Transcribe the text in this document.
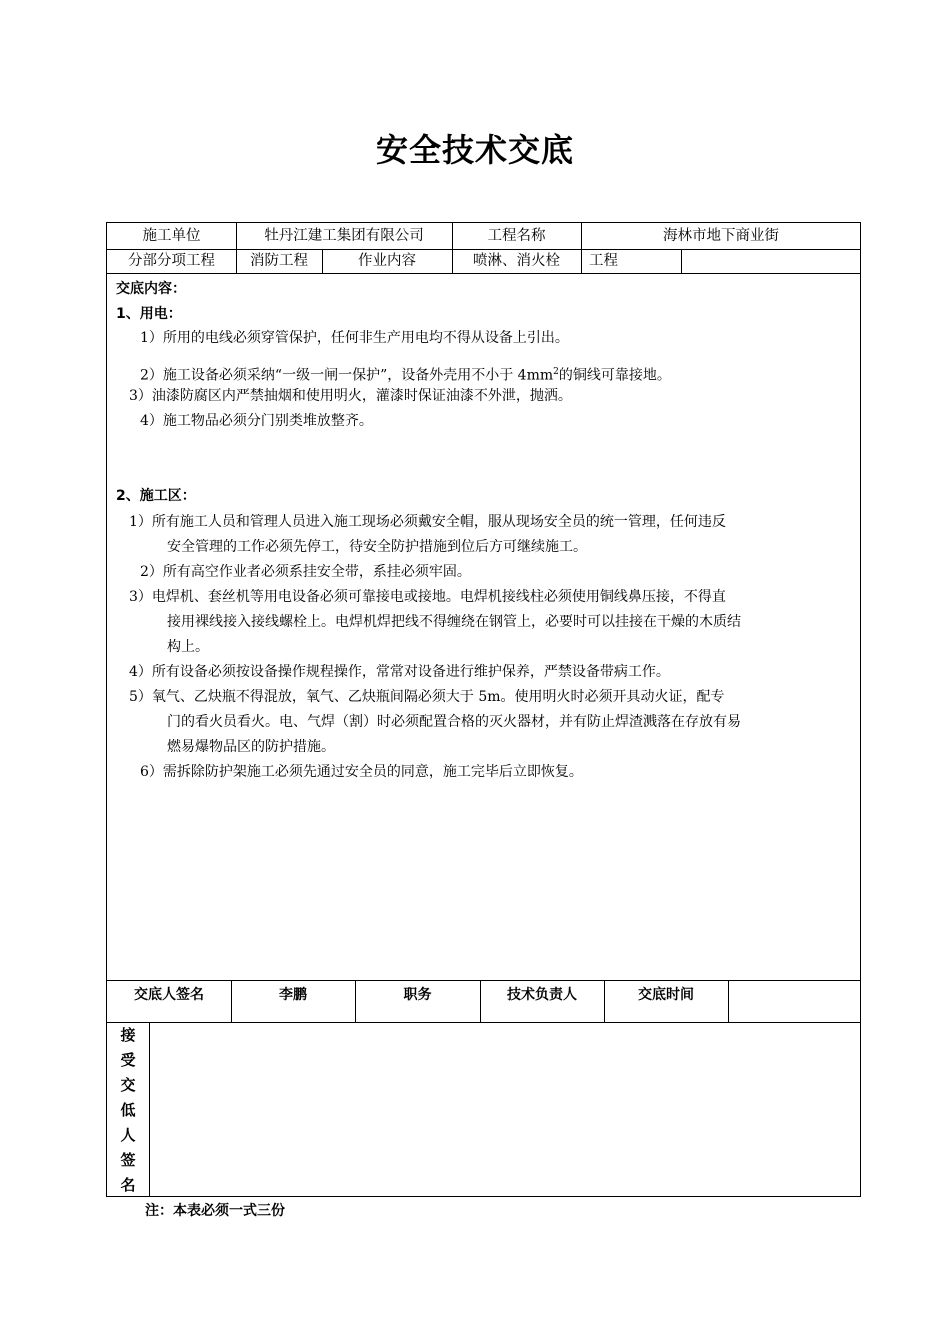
安全技术交底
施工单位	牡丹江建工集团有限公司	工程名称	海林市地下商业街
分部分项工程	消防工程	作业内容	喷淋、消火栓	工程
交底内容：
1、用电：
1）所用的电线必须穿管保护，任何非生产用电均不得从设备上引出。
2）施工设备必须采纳“一级一闸一保护”，设备外壳用不小于 $4mm^2$的铜线可靠接地。
3）油漆防腐区内严禁抽烟和使用明火，灌漆时保证油漆不外泄，抛洒。
4）施工物品必须分门别类堆放整齐。
2、施工区：
1）所有施工人员和管理人员进入施工现场必须戴安全帽，服从现场安全员的统一管理，任何违反
安全管理的工作必须先停工，待安全防护措施到位后方可继续施工。
2）所有高空作业者必须系挂安全带，系挂必须牢固。
3）电焊机、套丝机等用电设备必须可靠接电或接地。电焊机接线柱必须使用铜线鼻压接，不得直
接用裸线接入接线螺栓上。电焊机焊把线不得缠绕在钢管上，必要时可以挂接在干燥的木质结
构上。
4）所有设备必须按设备操作规程操作，常常对设备进行维护保养，严禁设备带病工作。
5）氧气、乙炔瓶不得混放，氧气、乙炔瓶间隔必须大于 5m。使用明火时必须开具动火证，配专
门的看火员看火。电、气焊（割）时必须配置合格的灭火器材，并有防止焊渣溅落在存放有易
燃易爆物品区的防护措施。
6）需拆除防护架施工必须先通过安全员的同意，施工完毕后立即恢复。
交底人签名	李鹏	职务	技术负责人	交底时间
接
受
交
低
人
签
名
注：本表必须一式三份
